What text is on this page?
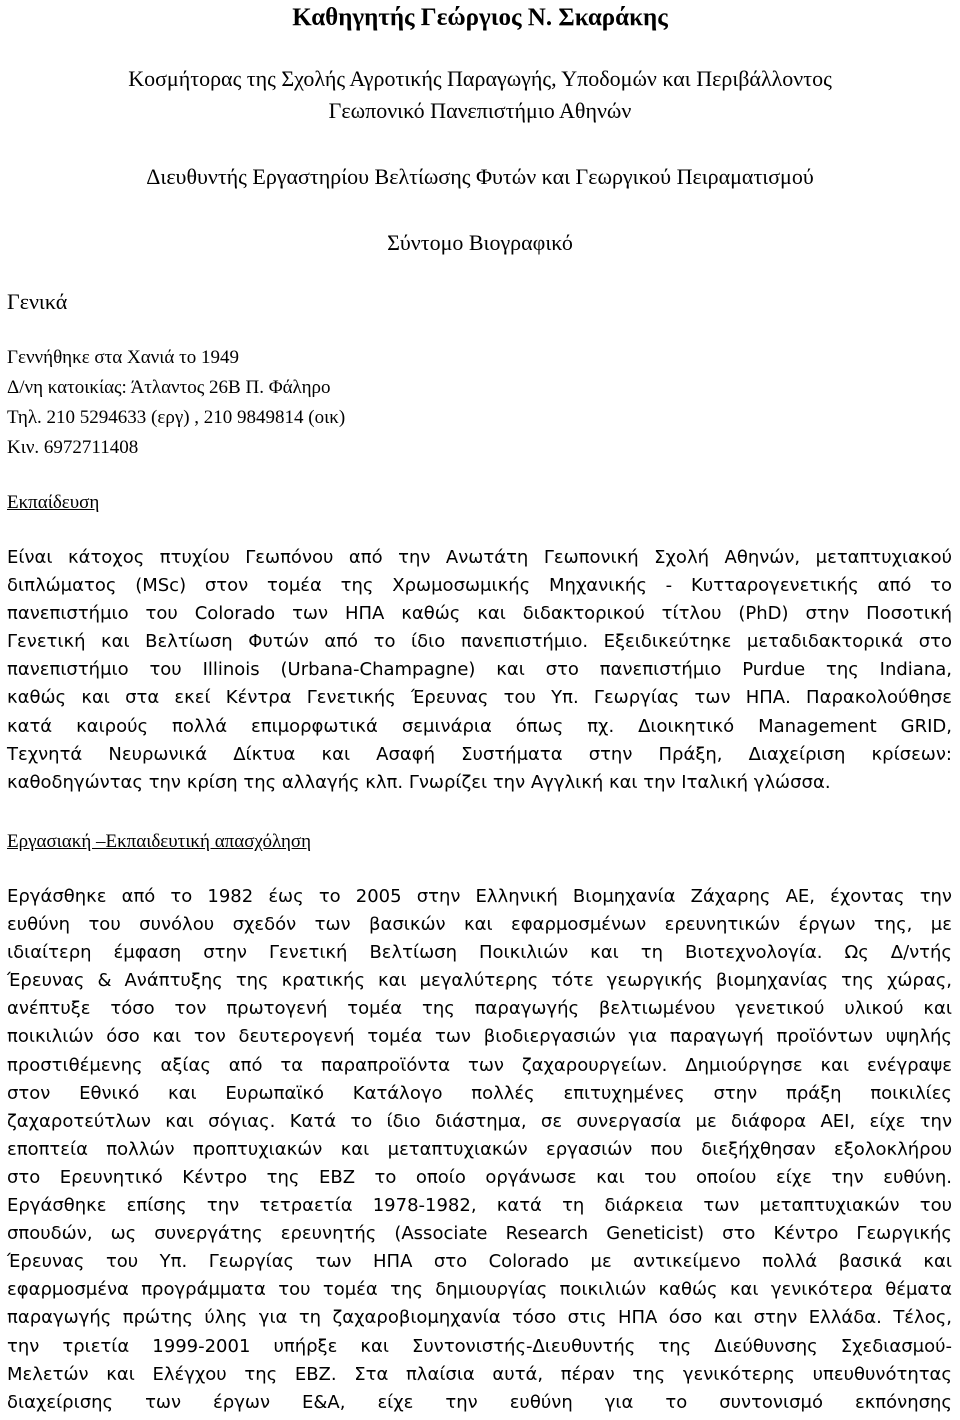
Καθηγητής Γεώργιος Ν. Σκαράκης
Κοσμήτορας της Σχολής Αγροτικής Παραγωγής, Υποδομών και Περιβάλλοντος
Γεωπονικό Πανεπιστήμιο Αθηνών
Διευθυντής Εργαστηρίου Βελτίωσης Φυτών και Γεωργικού Πειραματισμού
Σύντομο Βιογραφικό
Γενικά
Γεννήθηκε στα Χανιά το 1949
Δ/νη κατοικίας: Άτλαντος 26Β Π. Φάληρο
Τηλ. 210 5294633 (εργ) , 210 9849814 (οικ)
Κιν. 6972711408
Εκπαίδευση
Είναι κάτοχος πτυχίου Γεωπόνου από την Ανωτάτη Γεωπονική Σχολή Αθηνών, μεταπτυχιακού
διπλώματος (MSc) στον τομέα της Χρωμοσωμικής Μηχανικής - Κυτταρογενετικής από το
πανεπιστήμιο του Colorado των ΗΠΑ καθώς και διδακτορικού τίτλου (PhD) στην Ποσοτική
Γενετική και Βελτίωση Φυτών από το ίδιο πανεπιστήμιο. Εξειδικεύτηκε μεταδιδακτορικά στο
πανεπιστήμιο του Illinois (Urbana-Champagne) και στο πανεπιστήμιο Purdue της Indiana,
καθώς και στα εκεί Κέντρα Γενετικής Έρευνας του Υπ. Γεωργίας των ΗΠΑ. Παρακολούθησε
κατά καιρούς πολλά επιμορφωτικά σεμινάρια όπως πχ. Διοικητικό Management GRID,
Τεχνητά Νευρωνικά Δίκτυα και Ασαφή Συστήματα στην Πράξη, Διαχείριση κρίσεων:
καθοδηγώντας την κρίση της αλλαγής κλπ. Γνωρίζει την Αγγλική και την Ιταλική γλώσσα.
Εργασιακή –Εκπαιδευτική απασχόληση
Εργάσθηκε από το 1982 έως το 2005 στην Ελληνική Βιομηχανία Ζάχαρης ΑΕ, έχοντας την
ευθύνη του συνόλου σχεδόν των βασικών και εφαρμοσμένων ερευνητικών έργων της, με
ιδιαίτερη έμφαση στην Γενετική Βελτίωση Ποικιλιών και τη Βιοτεχνολογία. Ως Δ/ντής
Έρευνας & Ανάπτυξης της κρατικής και μεγαλύτερης τότε γεωργικής βιομηχανίας της χώρας,
ανέπτυξε τόσο τον πρωτογενή τομέα της παραγωγής βελτιωμένου γενετικού υλικού και
ποικιλιών όσο και τον δευτερογενή τομέα των βιοδιεργασιών για παραγωγή προϊόντων υψηλής
προστιθέμενης αξίας από τα παραπροϊόντα των ζαχαρουργείων. Δημιούργησε και ενέγραψε
στον Εθνικό και Ευρωπαϊκό Κατάλογο πολλές επιτυχημένες στην πράξη ποικιλίες
ζαχαροτεύτλων και σόγιας. Κατά το ίδιο διάστημα, σε συνεργασία με διάφορα ΑΕΙ, είχε την
εποπτεία πολλών προπτυχιακών και μεταπτυχιακών εργασιών που διεξήχθησαν εξολοκλήρου
στο Ερευνητικό Κέντρο της ΕΒΖ το οποίο οργάνωσε και του οποίου είχε την ευθύνη.
Εργάσθηκε επίσης την τετραετία 1978-1982, κατά τη διάρκεια των μεταπτυχιακών του
σπουδών, ως συνεργάτης ερευνητής (Associate Research Geneticist) στο Κέντρο Γεωργικής
Έρευνας του Υπ. Γεωργίας των ΗΠΑ στο Colorado με αντικείμενο πολλά βασικά και
εφαρμοσμένα προγράμματα του τομέα της δημιουργίας ποικιλιών καθώς και γενικότερα θέματα
παραγωγής πρώτης ύλης για τη ζαχαροβιομηχανία τόσο στις ΗΠΑ όσο και στην Ελλάδα. Τέλος,
την τριετία 1999-2001 υπήρξε και Συντονιστής-Διευθυντής της Διεύθυνσης Σχεδιασμού-
Μελετών και Ελέγχου της ΕΒΖ. Στα πλαίσια αυτά, πέραν της γενικότερης υπευθυνότητας
διαχείρισης των έργων E&A, είχε την ευθύνη για το συντονισμό εκπόνησης
